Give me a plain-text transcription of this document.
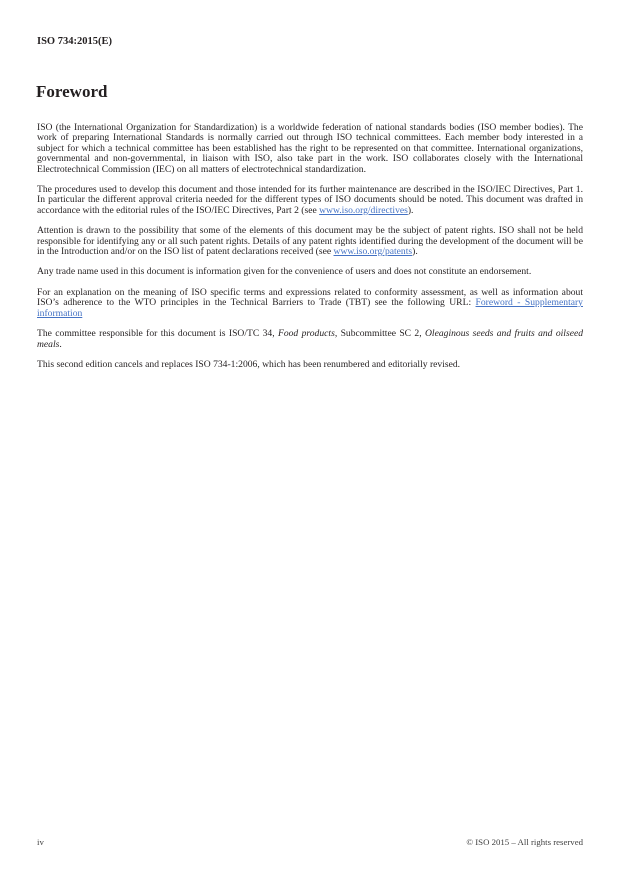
ISO 734:2015(E)
Foreword

ISO (the International Organization for Standardization) is a worldwide federation of national standards bodies (ISO member bodies). The work of preparing International Standards is normally carried out through ISO technical committees. Each member body interested in a subject for which a technical committee has been established has the right to be represented on that committee. International organizations, governmental and non-governmental, in liaison with ISO, also take part in the work. ISO collaborates closely with the International Electrotechnical Commission (IEC) on all matters of electrotechnical standardization.

The procedures used to develop this document and those intended for its further maintenance are described in the ISO/IEC Directives, Part 1. In particular the different approval criteria needed for the different types of ISO documents should be noted. This document was drafted in accordance with the editorial rules of the ISO/IEC Directives, Part 2 (see www.iso.org/directives).

Attention is drawn to the possibility that some of the elements of this document may be the subject of patent rights. ISO shall not be held responsible for identifying any or all such patent rights. Details of any patent rights identified during the development of the document will be in the Introduction and/or on the ISO list of patent declarations received (see www.iso.org/patents).

Any trade name used in this document is information given for the convenience of users and does not constitute an endorsement.

For an explanation on the meaning of ISO specific terms and expressions related to conformity assessment, as well as information about ISO’s adherence to the WTO principles in the Technical Barriers to Trade (TBT) see the following URL: Foreword - Supplementary information

The committee responsible for this document is ISO/TC 34, Food products, Subcommittee SC 2, Oleaginous seeds and fruits and oilseed meals.

This second edition cancels and replaces ISO 734-1:2006, which has been renumbered and editorially revised.

iv	© ISO 2015 – All rights reserved
